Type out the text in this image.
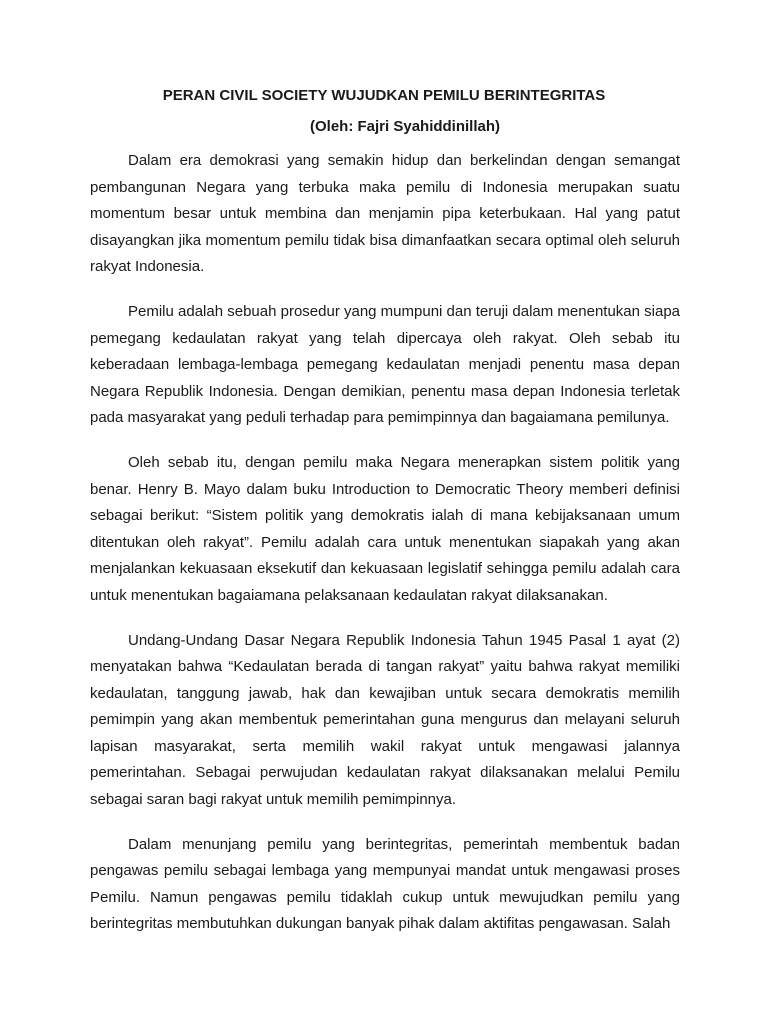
PERAN CIVIL SOCIETY WUJUDKAN PEMILU BERINTEGRITAS
(Oleh: Fajri Syahiddinillah)

Dalam era demokrasi yang semakin hidup dan berkelindan dengan semangat pembangunan Negara yang terbuka maka pemilu di Indonesia merupakan suatu momentum besar untuk membina dan menjamin pipa keterbukaan. Hal yang patut disayangkan jika momentum pemilu tidak bisa dimanfaatkan secara optimal oleh seluruh rakyat Indonesia.

Pemilu adalah sebuah prosedur yang mumpuni dan teruji dalam menentukan siapa pemegang kedaulatan rakyat yang telah dipercaya oleh rakyat. Oleh sebab itu keberadaan lembaga-lembaga pemegang kedaulatan menjadi penentu masa depan Negara Republik Indonesia. Dengan demikian, penentu masa depan Indonesia terletak pada masyarakat yang peduli terhadap para pemimpinnya dan bagaiamana pemilunya.

Oleh sebab itu, dengan pemilu maka Negara menerapkan sistem politik yang benar. Henry B. Mayo dalam buku Introduction to Democratic Theory memberi definisi sebagai berikut: “Sistem politik yang demokratis ialah di mana kebijaksanaan umum ditentukan oleh rakyat”. Pemilu adalah cara untuk menentukan siapakah yang akan menjalankan kekuasaan eksekutif dan kekuasaan legislatif sehingga pemilu adalah cara untuk menentukan bagaiamana pelaksanaan kedaulatan rakyat dilaksanakan.

Undang-Undang Dasar Negara Republik Indonesia Tahun 1945 Pasal 1 ayat (2) menyatakan bahwa “Kedaulatan berada di tangan rakyat” yaitu bahwa rakyat memiliki kedaulatan, tanggung jawab, hak dan kewajiban untuk secara demokratis memilih pemimpin yang akan membentuk pemerintahan guna mengurus dan melayani seluruh lapisan masyarakat, serta memilih wakil rakyat untuk mengawasi jalannya pemerintahan. Sebagai perwujudan kedaulatan rakyat dilaksanakan melalui Pemilu sebagai saran bagi rakyat untuk memilih pemimpinnya.

Dalam menunjang pemilu yang berintegritas, pemerintah membentuk badan pengawas pemilu sebagai lembaga yang mempunyai mandat untuk mengawasi proses Pemilu. Namun pengawas pemilu tidaklah cukup untuk mewujudkan pemilu yang berintegritas membutuhkan dukungan banyak pihak dalam aktifitas pengawasan. Salah
